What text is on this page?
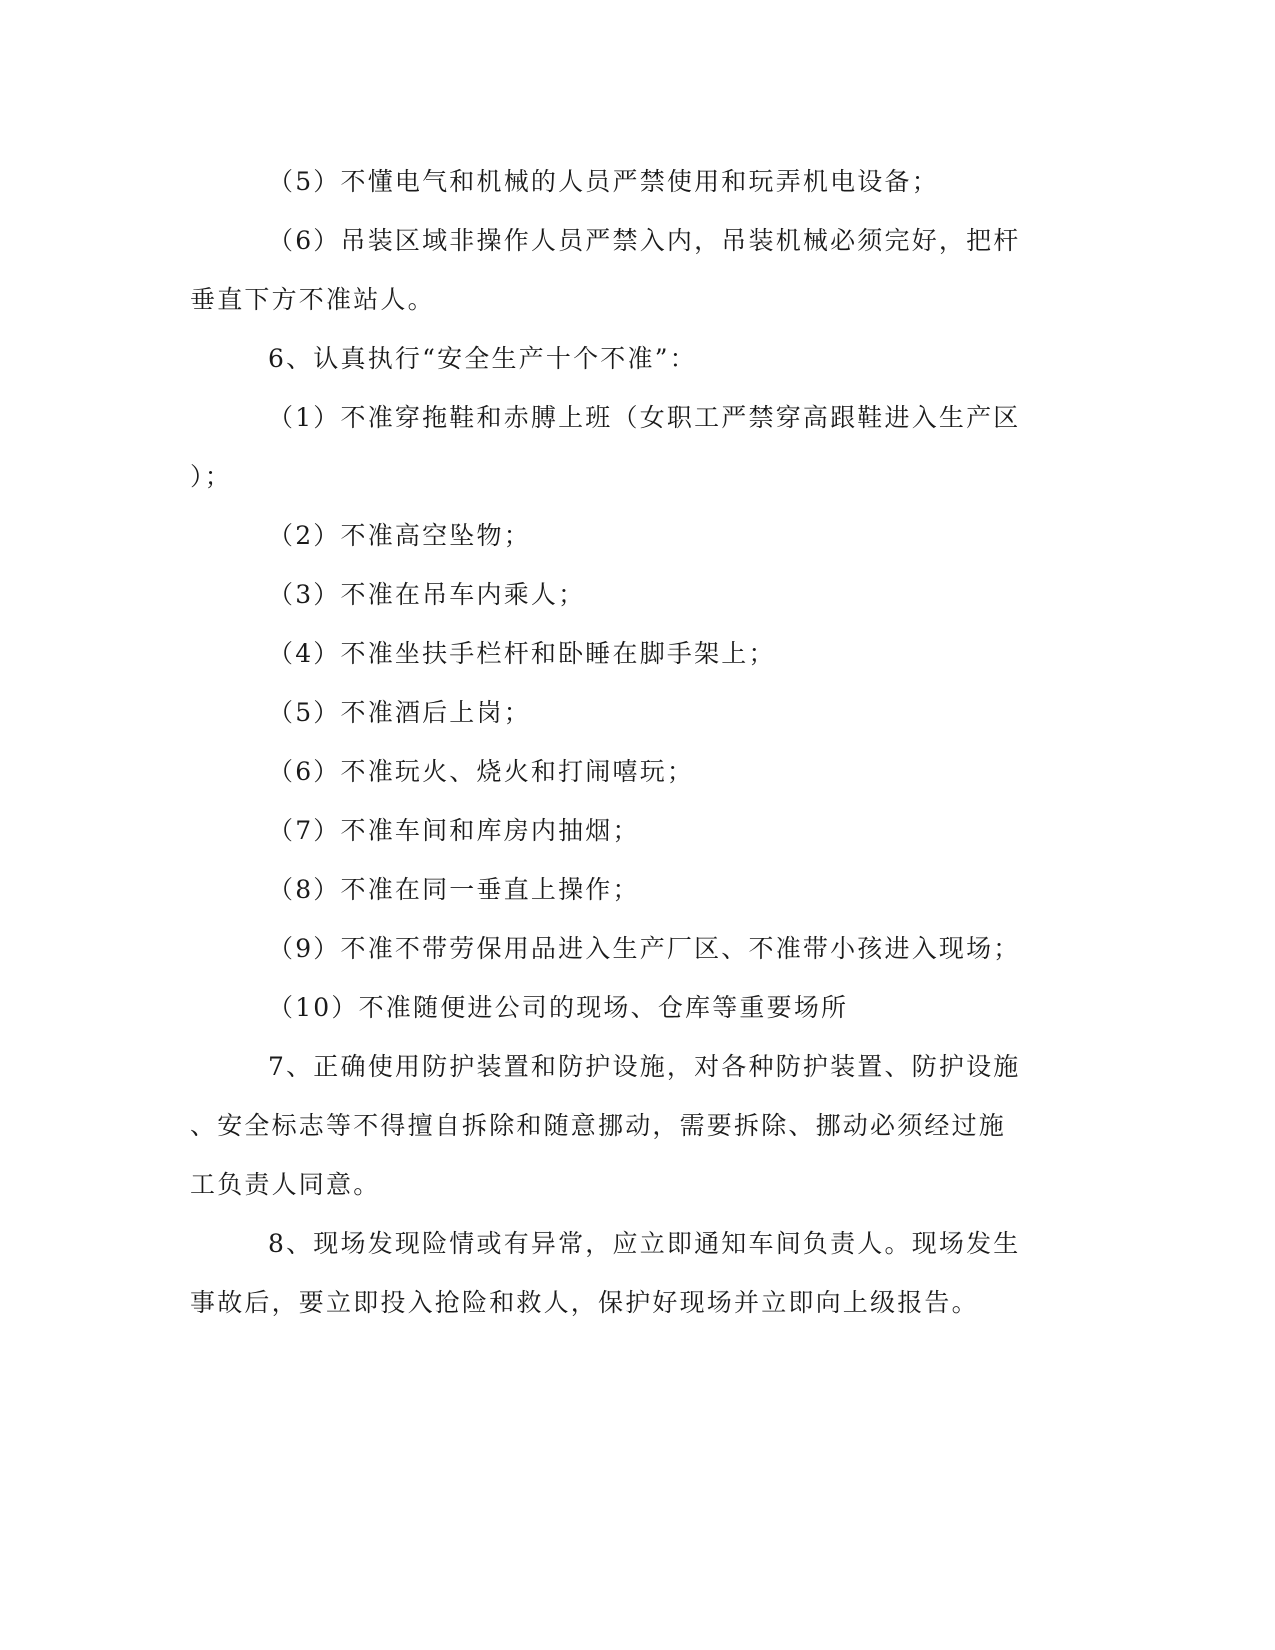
（5）不懂电气和机械的人员严禁使用和玩弄机电设备；
（6）吊装区域非操作人员严禁入内，吊装机械必须完好，把杆
垂直下方不准站人。
6、认真执行“安全生产十个不准”：
（1）不准穿拖鞋和赤膊上班（女职工严禁穿高跟鞋进入生产区
）；
（2）不准高空坠物；
（3）不准在吊车内乘人；
（4）不准坐扶手栏杆和卧睡在脚手架上；
（5）不准酒后上岗；
（6）不准玩火、烧火和打闹嘻玩；
（7）不准车间和库房内抽烟；
（8）不准在同一垂直上操作；
（9）不准不带劳保用品进入生产厂区、不准带小孩进入现场；
（10）不准随便进公司的现场、仓库等重要场所
7、正确使用防护装置和防护设施，对各种防护装置、防护设施
、安全标志等不得擅自拆除和随意挪动，需要拆除、挪动必须经过施
工负责人同意。
8、现场发现险情或有异常，应立即通知车间负责人。现场发生
事故后，要立即投入抢险和救人，保护好现场并立即向上级报告。
